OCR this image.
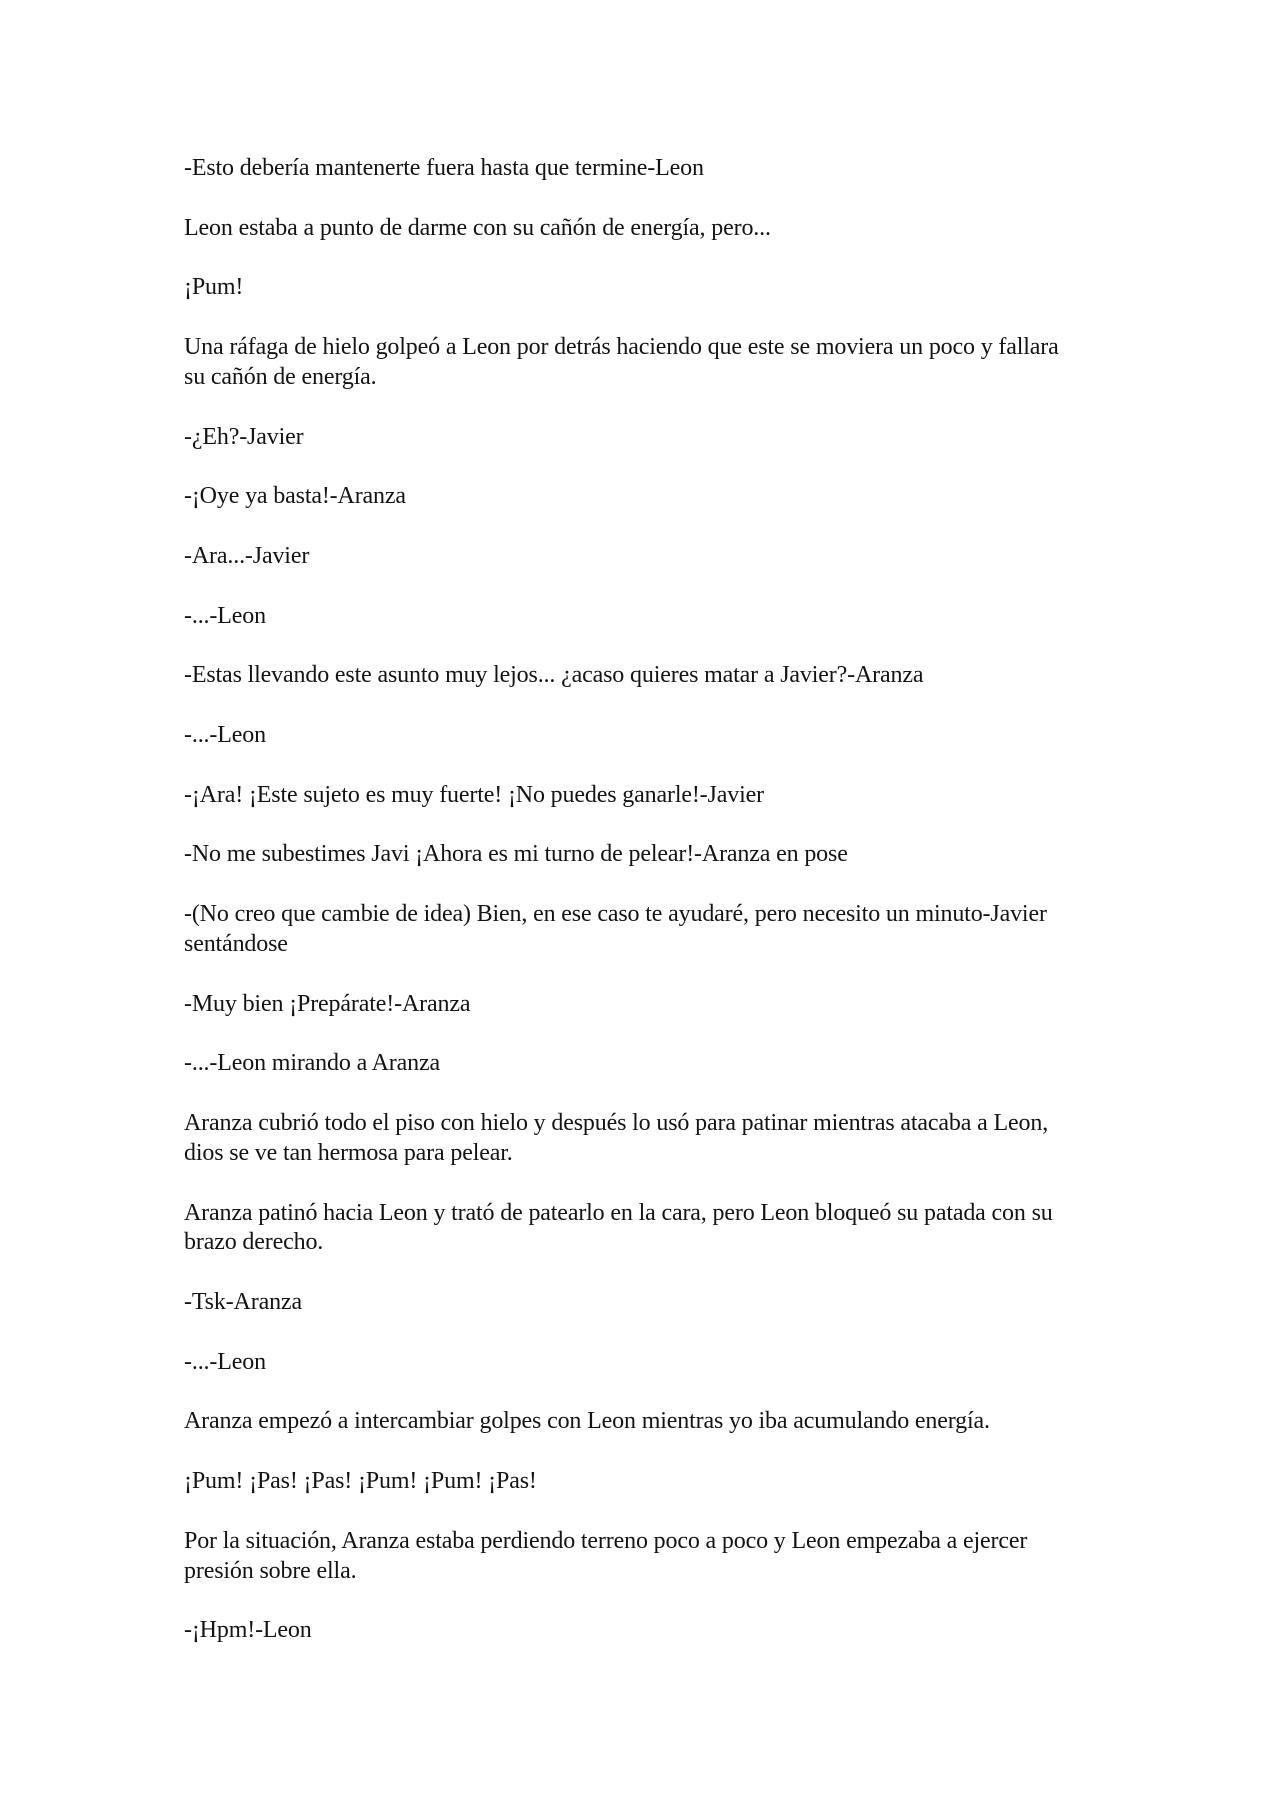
-Esto debería mantenerte fuera hasta que termine-Leon

Leon estaba a punto de darme con su cañón de energía, pero...

¡Pum!

Una ráfaga de hielo golpeó a Leon por detrás haciendo que este se moviera un poco y fallara su cañón de energía.

-¿Eh?-Javier

-¡Oye ya basta!-Aranza

-Ara...-Javier

-...-Leon

-Estas llevando este asunto muy lejos... ¿acaso quieres matar a Javier?-Aranza

-...-Leon

-¡Ara! ¡Este sujeto es muy fuerte! ¡No puedes ganarle!-Javier

-No me subestimes Javi ¡Ahora es mi turno de pelear!-Aranza en pose

-(No creo que cambie de idea) Bien, en ese caso te ayudaré, pero necesito un minuto-Javier sentándose

-Muy bien ¡Prepárate!-Aranza

-...-Leon mirando a Aranza

Aranza cubrió todo el piso con hielo y después lo usó para patinar mientras atacaba a Leon, dios se ve tan hermosa para pelear.

Aranza patinó hacia Leon y trató de patearlo en la cara, pero Leon bloqueó su patada con su brazo derecho.

-Tsk-Aranza

-...-Leon

Aranza empezó a intercambiar golpes con Leon mientras yo iba acumulando energía.

¡Pum! ¡Pas! ¡Pas! ¡Pum! ¡Pum! ¡Pas!

Por la situación, Aranza estaba perdiendo terreno poco a poco y Leon empezaba a ejercer presión sobre ella.

-¡Hpm!-Leon
